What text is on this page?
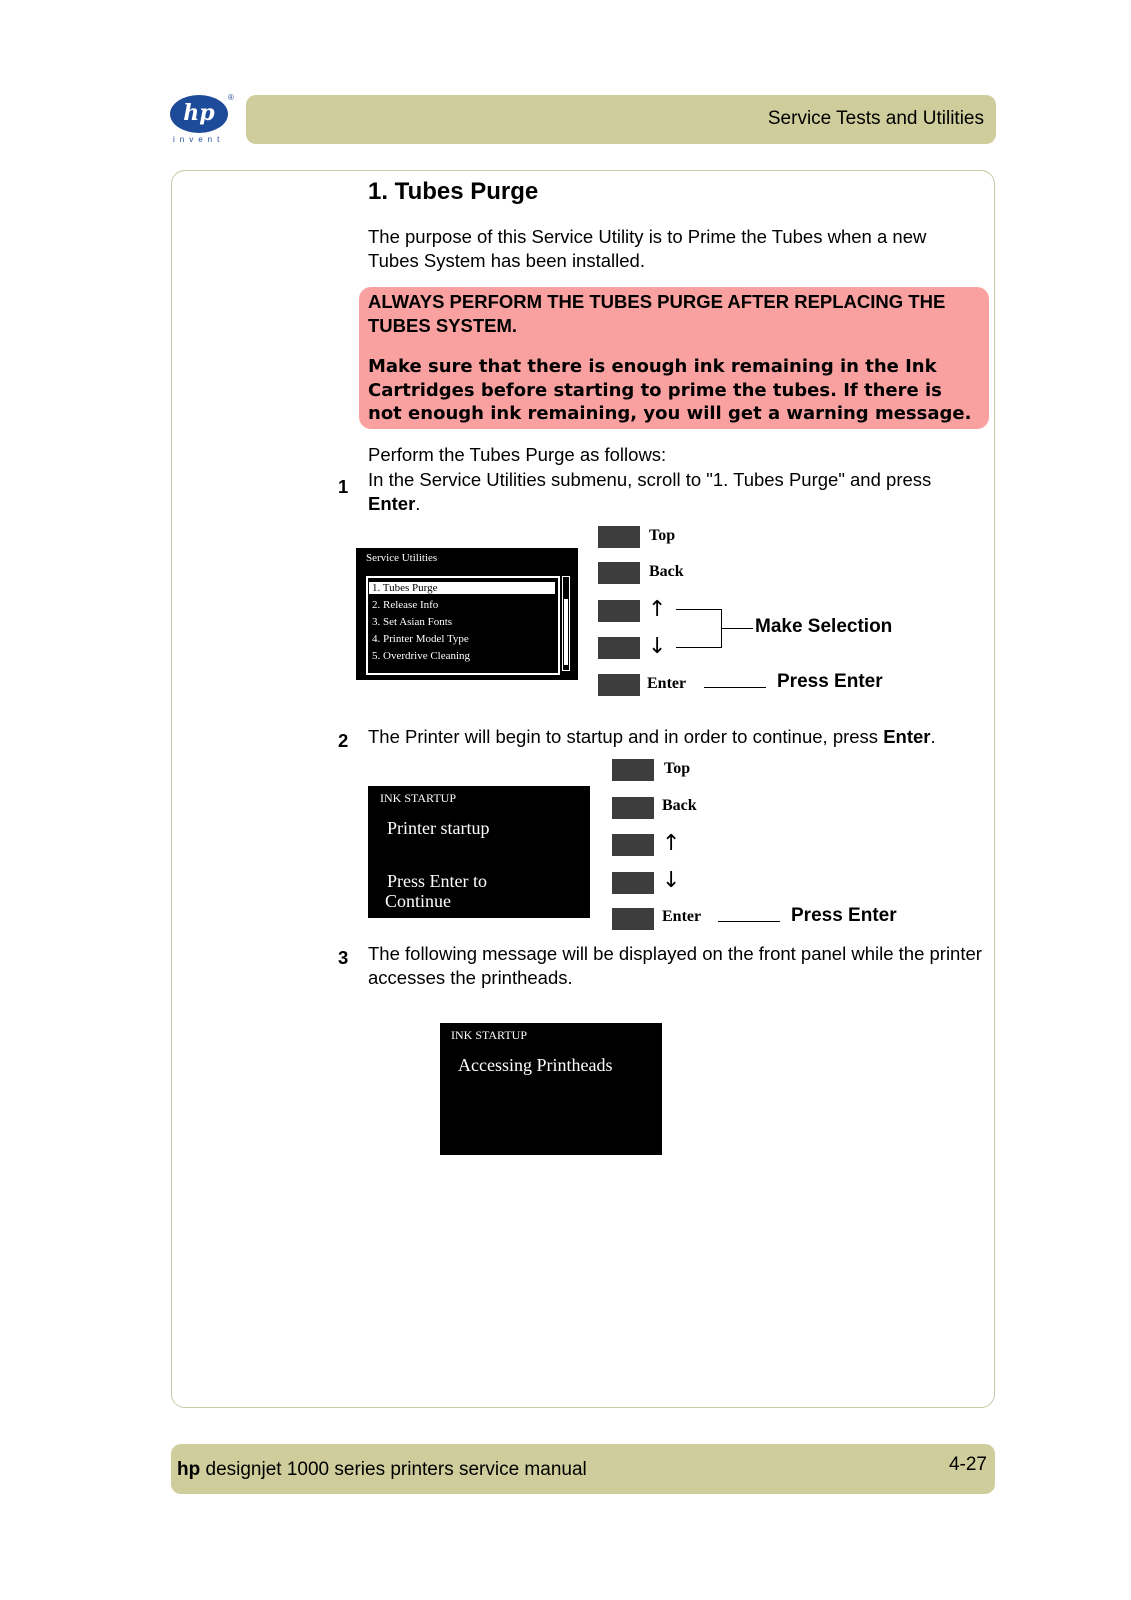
hp
®
invent
Service Tests and Utilities
1. Tubes Purge
The purpose of this Service Utility is to Prime the Tubes when a new Tubes System has been installed.
ALWAYS PERFORM THE TUBES PURGE AFTER REPLACING THE TUBES SYSTEM.
Make sure that there is enough ink remaining in the Ink Cartridges before starting to prime the tubes. If there is not enough ink remaining, you will get a warning message.
Perform the Tubes Purge as follows:
1 In the Service Utilities submenu, scroll to "1. Tubes Purge" and press Enter.
Service Utilities
1. Tubes Purge
2. Release Info
3. Set Asian Fonts
4. Printer Model Type
5. Overdrive Cleaning
Top
Back
↑
↓
Enter
Make Selection
Press Enter
2 The Printer will begin to startup and in order to continue, press Enter.
INK STARTUP
Printer startup
Press Enter to
Continue
Top
Back
↑
↓
Enter	Press Enter
3 The following message will be displayed on the front panel while the printer accesses the printheads.
INK STARTUP
Accessing Printheads
hp designjet 1000 series printers service manual	4-27
